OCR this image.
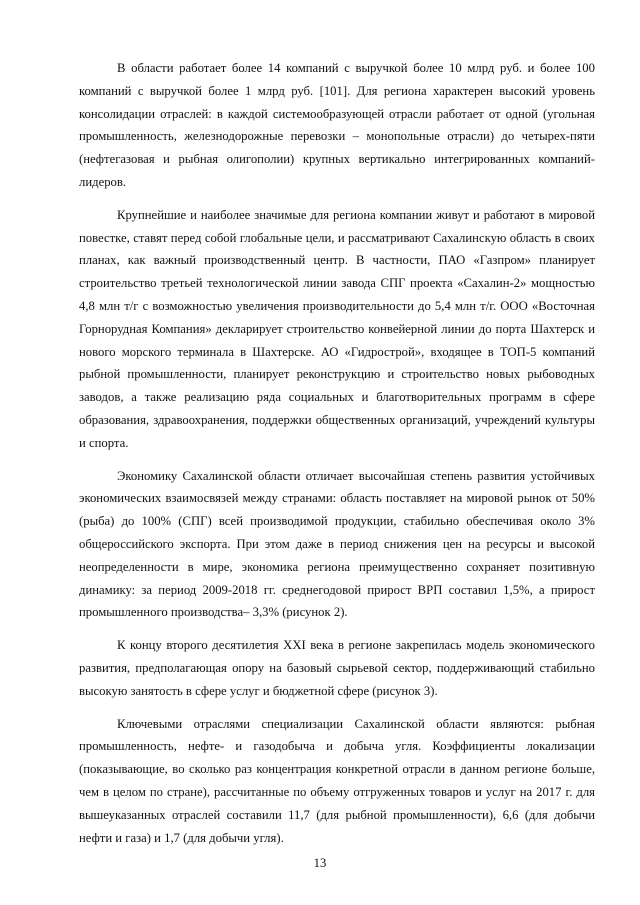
В области работает более 14 компаний с выручкой более 10 млрд руб. и более 100 компаний с выручкой более 1 млрд руб. [101]. Для региона характерен высокий уровень консолидации отраслей: в каждой системообразующей отрасли работает от одной (угольная промышленность, железнодорожные перевозки – монопольные отрасли) до четырех-пяти (нефтегазовая и рыбная олигополии) крупных вертикально интегрированных компаний-лидеров.

Крупнейшие и наиболее значимые для региона компании живут и работают в мировой повестке, ставят перед собой глобальные цели, и рассматривают Сахалинскую область в своих планах, как важный производственный центр. В частности, ПАО «Газпром» планирует строительство третьей технологической линии завода СПГ проекта «Сахалин-2» мощностью 4,8 млн т/г с возможностью увеличения производительности до 5,4 млн т/г. ООО «Восточная Горнорудная Компания» декларирует строительство конвейерной линии до порта Шахтерск и нового морского терминала в Шахтерске. АО «Гидрострой», входящее в ТОП-5 компаний рыбной промышленности, планирует реконструкцию и строительство новых рыбоводных заводов, а также реализацию ряда социальных и благотворительных программ в сфере образования, здравоохранения, поддержки общественных организаций, учреждений культуры и спорта.

Экономику Сахалинской области отличает высочайшая степень развития устойчивых экономических взаимосвязей между странами: область поставляет на мировой рынок от 50% (рыба) до 100% (СПГ) всей производимой продукции, стабильно обеспечивая около 3% общероссийского экспорта. При этом даже в период снижения цен на ресурсы и высокой неопределенности в мире, экономика региона преимущественно сохраняет позитивную динамику: за период 2009-2018 гг. среднегодовой прирост ВРП составил 1,5%, а прирост промышленного производства– 3,3% (рисунок 2).

К концу второго десятилетия XXI века в регионе закрепилась модель экономического развития, предполагающая опору на базовый сырьевой сектор, поддерживающий стабильно высокую занятость в сфере услуг и бюджетной сфере (рисунок 3).

Ключевыми отраслями специализации Сахалинской области являются: рыбная промышленность, нефте- и газодобыча и добыча угля. Коэффициенты локализации (показывающие, во сколько раз концентрация конкретной отрасли в данном регионе больше, чем в целом по стране), рассчитанные по объему отгруженных товаров и услуг на 2017 г. для вышеуказанных отраслей составили 11,7 (для рыбной промышленности), 6,6 (для добычи нефти и газа) и 1,7 (для добычи угля).

13
